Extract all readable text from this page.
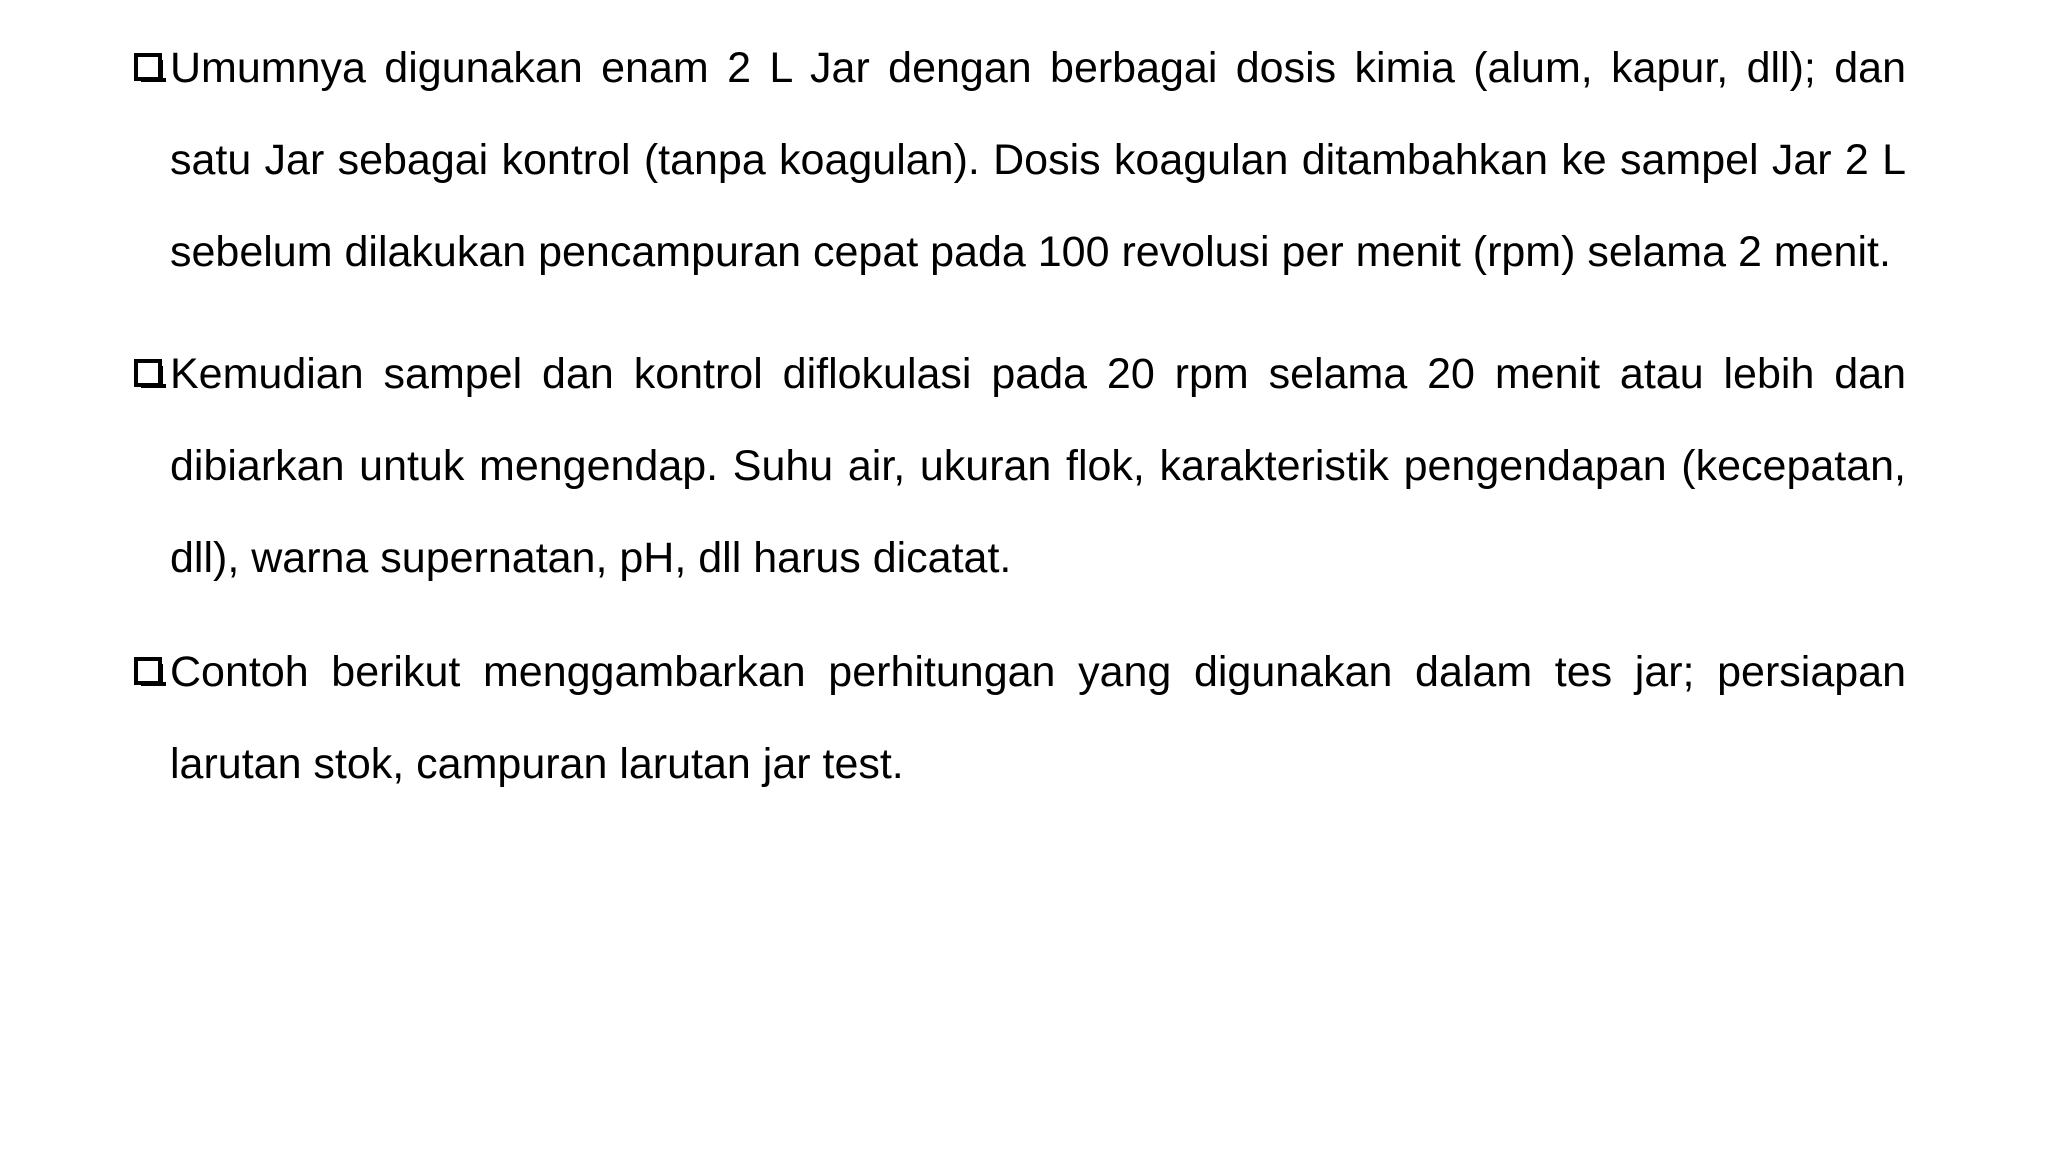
Umumnya digunakan enam 2 L Jar dengan berbagai dosis kimia (alum, kapur, dll); dan satu Jar sebagai kontrol (tanpa koagulan). Dosis koagulan ditambahkan ke sampel Jar 2 L sebelum dilakukan pencampuran cepat pada 100 revolusi per menit (rpm) selama 2 menit.

Kemudian sampel dan kontrol diflokulasi pada 20 rpm selama 20 menit atau lebih dan dibiarkan untuk mengendap. Suhu air, ukuran flok, karakteristik pengendapan (kecepatan, dll), warna supernatan, pH, dll harus dicatat.

Contoh berikut menggambarkan perhitungan yang digunakan dalam tes jar; persiapan larutan stok, campuran larutan jar test.
